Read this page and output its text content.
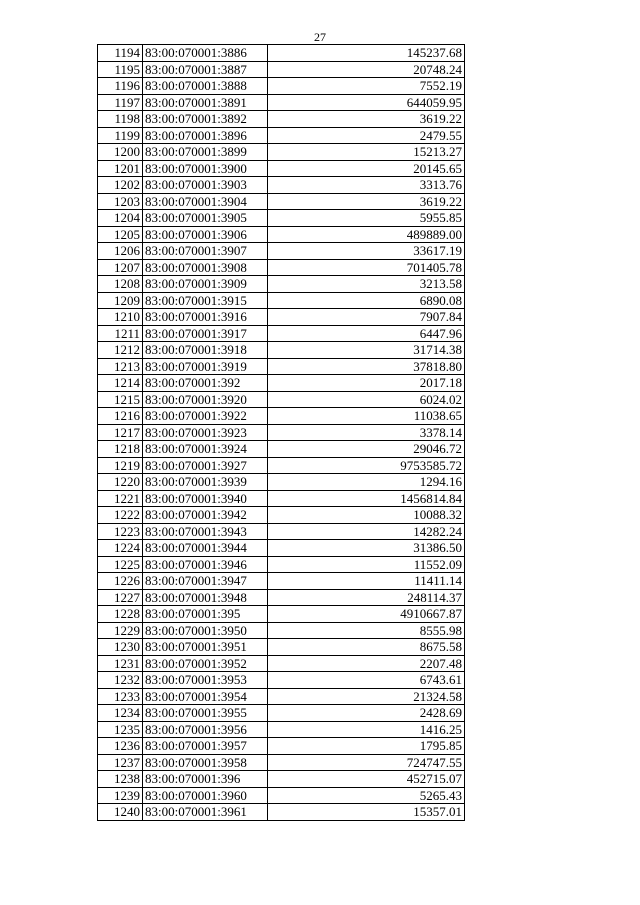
27
1194	83:00:070001:3886	145237.68
1195	83:00:070001:3887	20748.24
1196	83:00:070001:3888	7552.19
1197	83:00:070001:3891	644059.95
1198	83:00:070001:3892	3619.22
1199	83:00:070001:3896	2479.55
1200	83:00:070001:3899	15213.27
1201	83:00:070001:3900	20145.65
1202	83:00:070001:3903	3313.76
1203	83:00:070001:3904	3619.22
1204	83:00:070001:3905	5955.85
1205	83:00:070001:3906	489889.00
1206	83:00:070001:3907	33617.19
1207	83:00:070001:3908	701405.78
1208	83:00:070001:3909	3213.58
1209	83:00:070001:3915	6890.08
1210	83:00:070001:3916	7907.84
1211	83:00:070001:3917	6447.96
1212	83:00:070001:3918	31714.38
1213	83:00:070001:3919	37818.80
1214	83:00:070001:392	2017.18
1215	83:00:070001:3920	6024.02
1216	83:00:070001:3922	11038.65
1217	83:00:070001:3923	3378.14
1218	83:00:070001:3924	29046.72
1219	83:00:070001:3927	9753585.72
1220	83:00:070001:3939	1294.16
1221	83:00:070001:3940	1456814.84
1222	83:00:070001:3942	10088.32
1223	83:00:070001:3943	14282.24
1224	83:00:070001:3944	31386.50
1225	83:00:070001:3946	11552.09
1226	83:00:070001:3947	11411.14
1227	83:00:070001:3948	248114.37
1228	83:00:070001:395	4910667.87
1229	83:00:070001:3950	8555.98
1230	83:00:070001:3951	8675.58
1231	83:00:070001:3952	2207.48
1232	83:00:070001:3953	6743.61
1233	83:00:070001:3954	21324.58
1234	83:00:070001:3955	2428.69
1235	83:00:070001:3956	1416.25
1236	83:00:070001:3957	1795.85
1237	83:00:070001:3958	724747.55
1238	83:00:070001:396	452715.07
1239	83:00:070001:3960	5265.43
1240	83:00:070001:3961	15357.01
